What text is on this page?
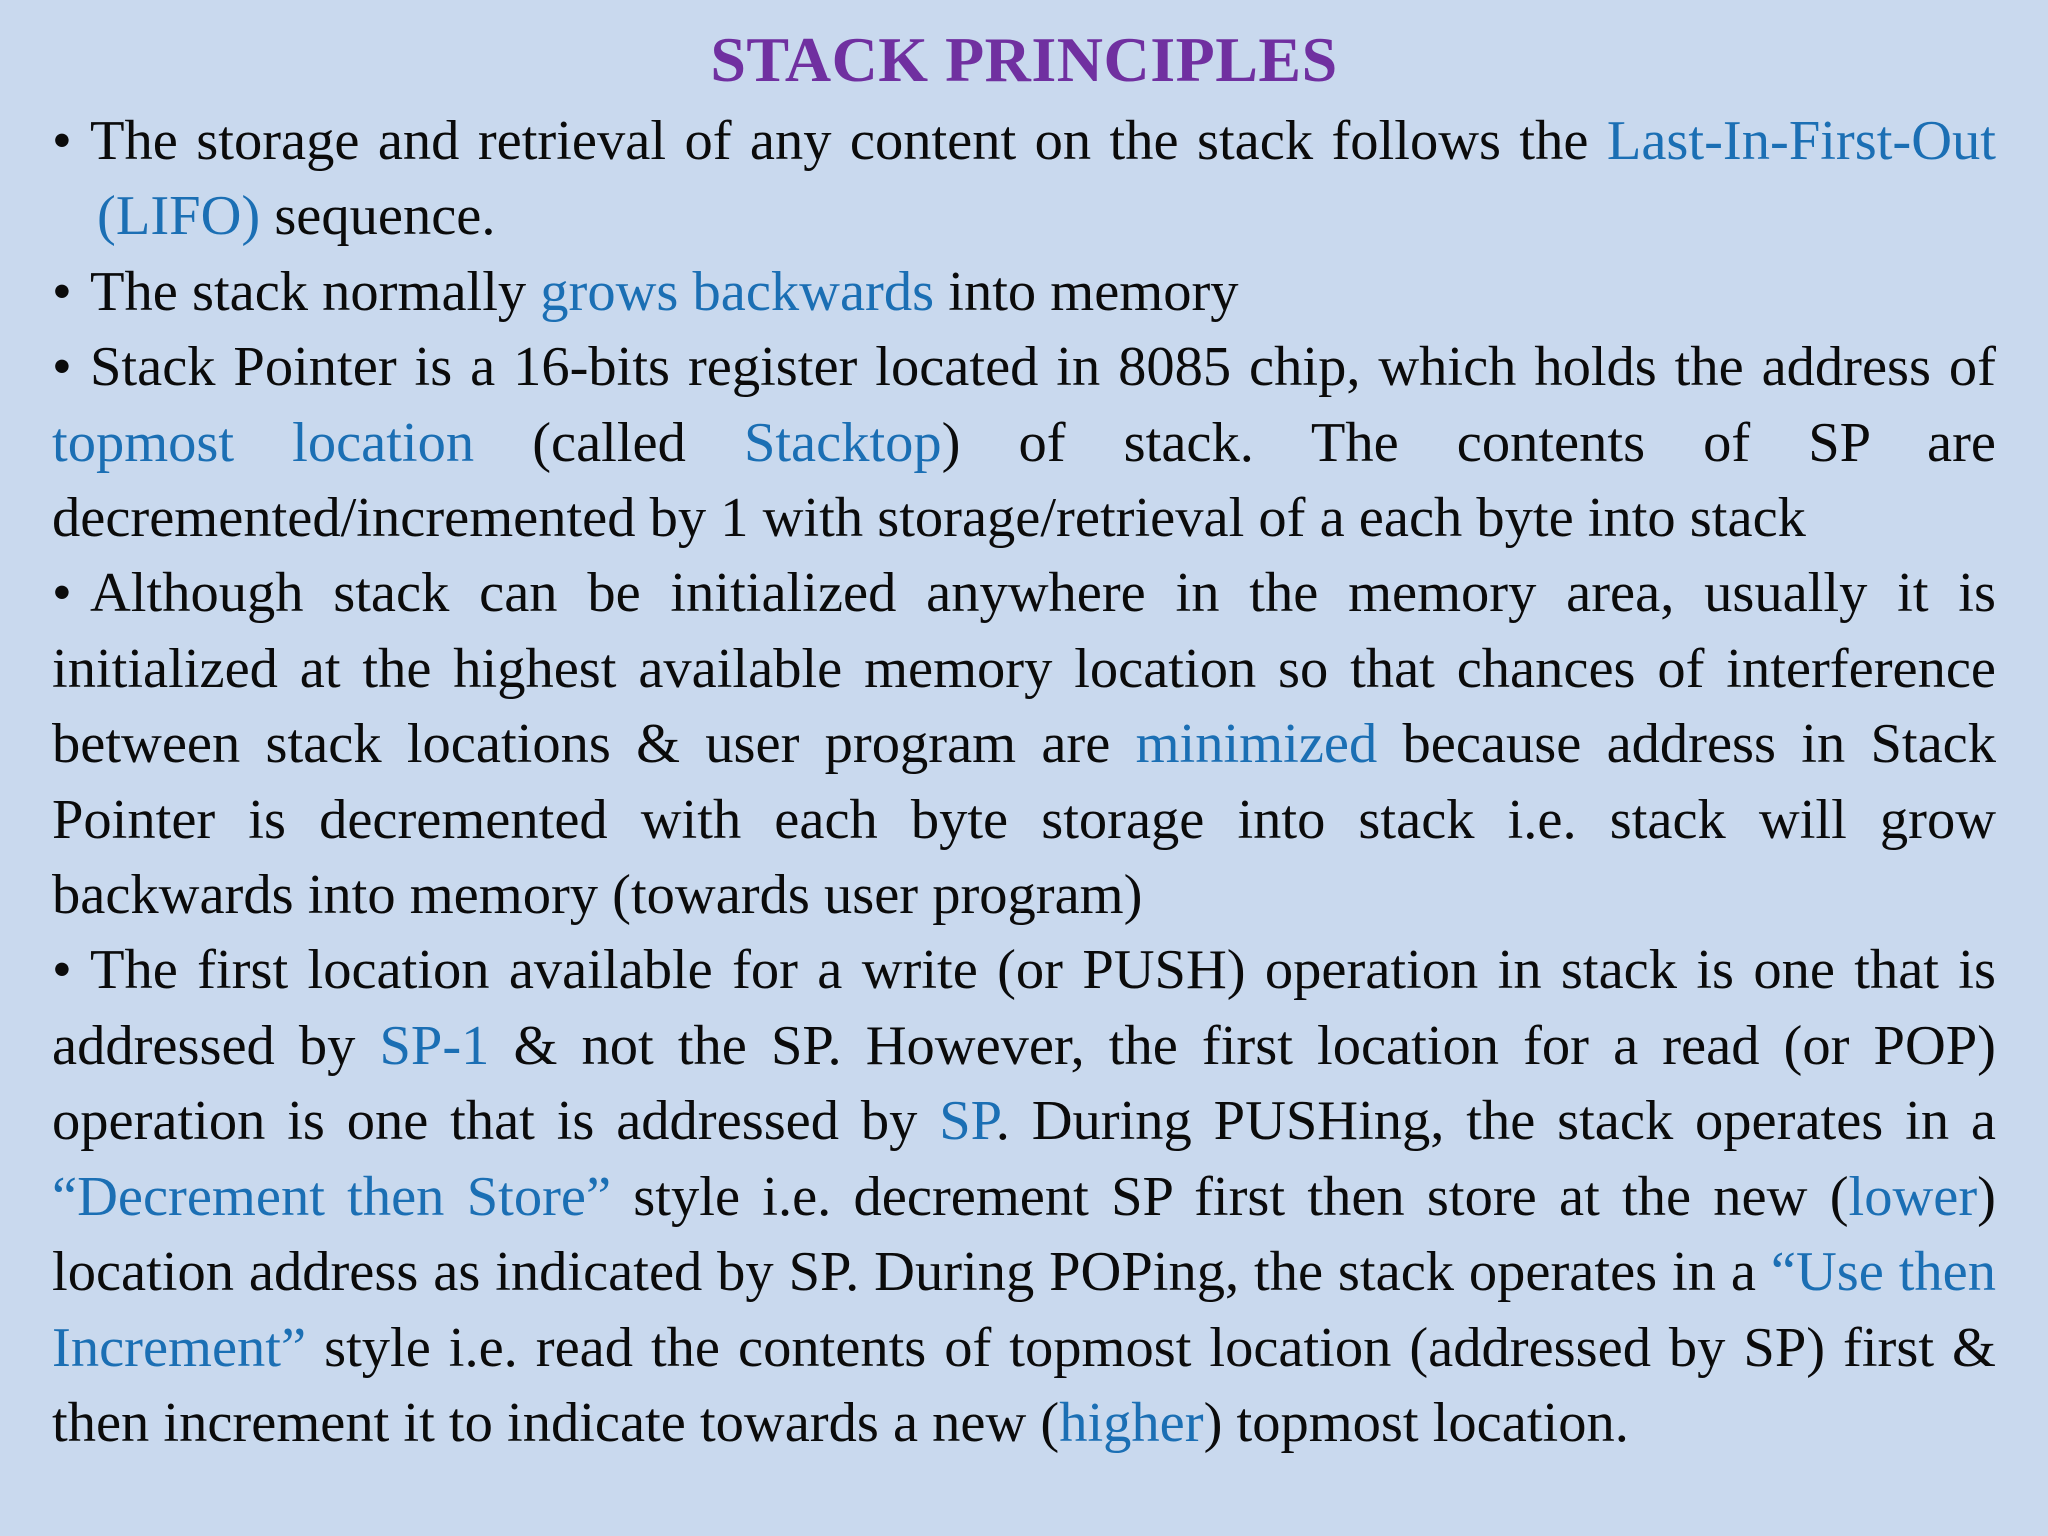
STACK PRINCIPLES
• The storage and retrieval of any content on the stack follows the Last-In-First-Out (LIFO) sequence.
• The stack normally grows backwards into memory
• Stack Pointer is a 16-bits register located in 8085 chip, which holds the address of topmost location (called Stacktop) of stack. The contents of SP are decremented/incremented by 1 with storage/retrieval of a each byte into stack
• Although stack can be initialized anywhere in the memory area, usually it is initialized at the highest available memory location so that chances of interference between stack locations & user program are minimized because address in Stack Pointer is decremented with each byte storage into stack i.e. stack will grow backwards into memory (towards user program)
• The first location available for a write (or PUSH) operation in stack is one that is addressed by SP-1 & not the SP. However, the first location for a read (or POP) operation is one that is addressed by SP. During PUSHing, the stack operates in a “Decrement then Store” style i.e. decrement SP first then store at the new (lower) location address as indicated by SP. During POPing, the stack operates in a “Use then Increment” style i.e. read the contents of topmost location (addressed by SP) first & then increment it to indicate towards a new (higher) topmost location.
